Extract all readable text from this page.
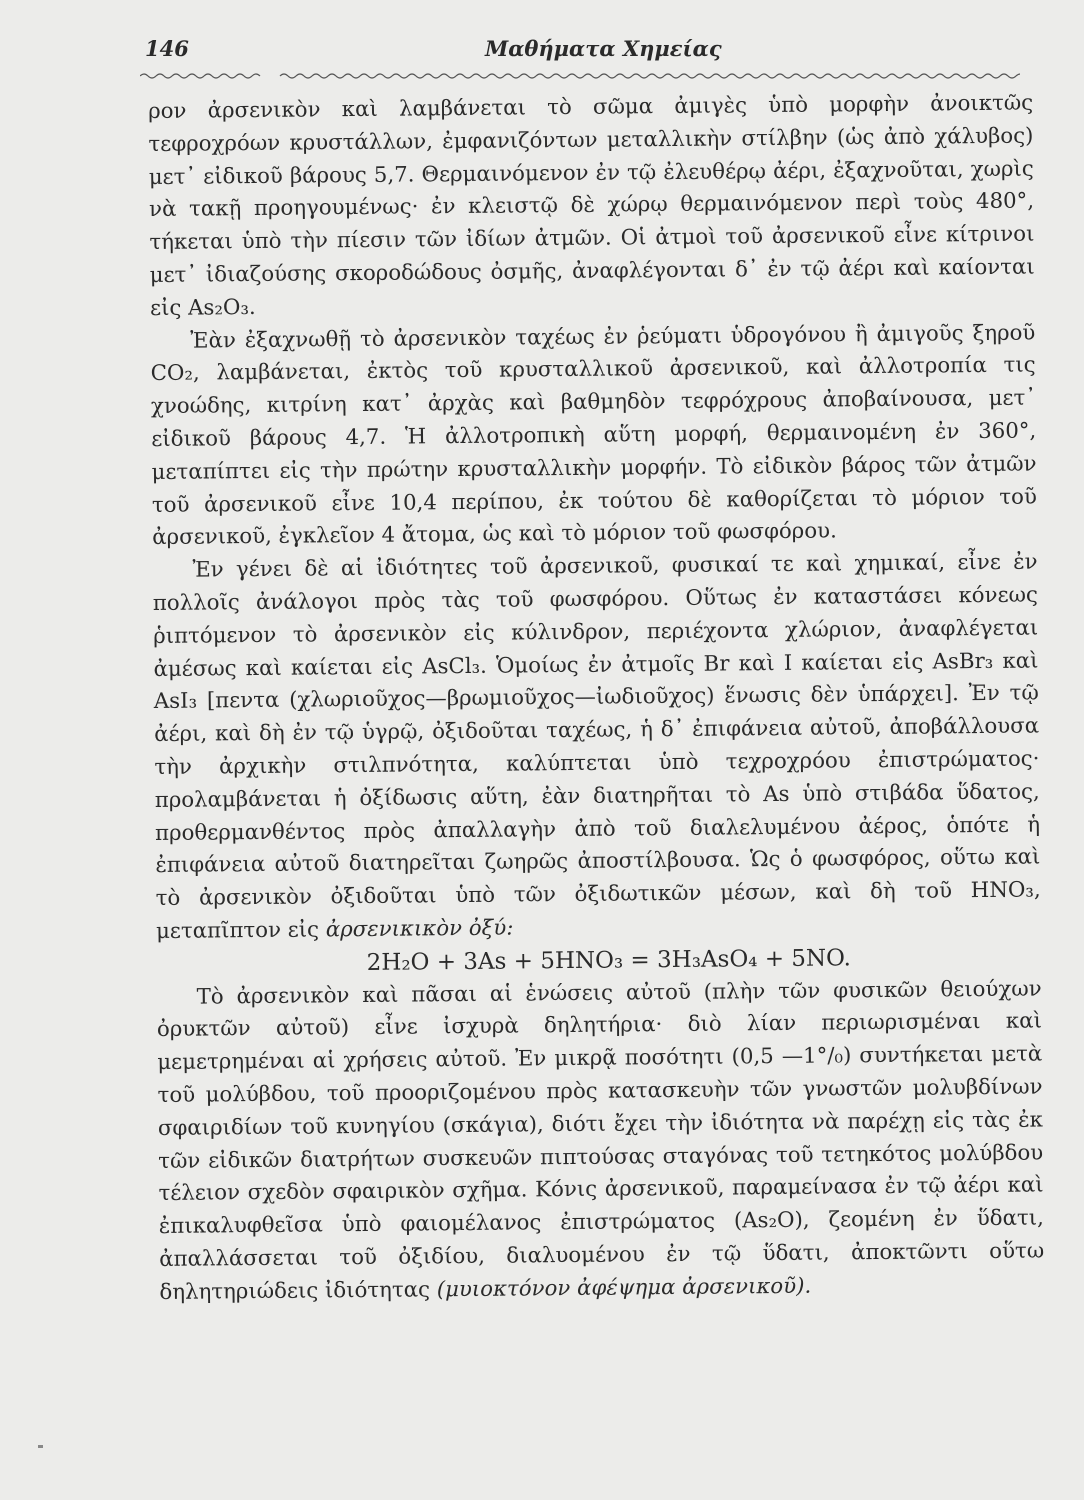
146	Μαθήματα Χημείας

ρον ἀρσενικὸν καὶ λαμβάνεται τὸ σῶμα ἀμιγὲς ὑπὸ μορφὴν ἀνοικτῶς τεφροχρόων κρυστάλλων, ἐμφανιζόντων μεταλλικὴν στίλβην (ὡς ἀπὸ χάλυβος) μετ᾽ εἰδικοῦ βάρους 5,7. Θερμαινόμενον ἐν τῷ ἐλευθέρῳ ἀέρι, ἐξαχνοῦται, χωρὶς νὰ τακῇ προηγουμένως· ἐν κλειστῷ δὲ χώρῳ θερμαινόμενον περὶ τοὺς 480°, τήκεται ὑπὸ τὴν πίεσιν τῶν ἰδίων ἀτμῶν. Οἱ ἀτμοὶ τοῦ ἀρσενικοῦ εἶνε κίτρινοι μετ᾽ ἰδιαζούσης σκοροδώδους ὀσμῆς, ἀναφλέγονται δ᾽ ἐν τῷ ἀέρι καὶ καίονται εἰς As₂O₃.

Ἐὰν ἐξαχνωθῇ τὸ ἀρσενικὸν ταχέως ἐν ῥεύματι ὑδρογόνου ἢ ἀμιγοῦς ξηροῦ CO₂, λαμβάνεται, ἐκτὸς τοῦ κρυσταλλικοῦ ἀρσενικοῦ, καὶ ἀλλοτροπία τις χνοώδης, κιτρίνη κατ᾽ ἀρχὰς καὶ βαθμηδὸν τεφρόχρους ἀποβαίνουσα, μετ᾽ εἰδικοῦ βάρους 4,7. Ἡ ἀλλοτροπικὴ αὕτη μορφή, θερμαινομένη ἐν 360°, μεταπίπτει εἰς τὴν πρώτην κρυσταλλικὴν μορφήν. Τὸ εἰδικὸν βάρος τῶν ἀτμῶν τοῦ ἀρσενικοῦ εἶνε 10,4 περίπου, ἐκ τούτου δὲ καθορίζεται τὸ μόριον τοῦ ἀρσενικοῦ, ἐγκλεῖον 4 ἄτομα, ὡς καὶ τὸ μόριον τοῦ φωσφόρου.

Ἐν γένει δὲ αἱ ἰδιότητες τοῦ ἀρσενικοῦ, φυσικαί τε καὶ χημικαί, εἶνε ἐν πολλοῖς ἀνάλογοι πρὸς τὰς τοῦ φωσφόρου. Οὕτως ἐν καταστάσει κόνεως ῥιπτόμενον τὸ ἀρσενικὸν εἰς κύλινδρον, περιέχοντα χλώριον, ἀναφλέγεται ἀμέσως καὶ καίεται εἰς AsCl₃. Ὁμοίως ἐν ἀτμοῖς Br καὶ I καίεται εἰς AsBr₃ καὶ AsI₃ [πεντα (χλωριοῦχος—βρωμιοῦχος—ἰωδιοῦχος) ἕνωσις δὲν ὑπάρχει]. Ἐν τῷ ἀέρι, καὶ δὴ ἐν τῷ ὑγρῷ, ὀξιδοῦται ταχέως, ἡ δ᾽ ἐπιφάνεια αὐτοῦ, ἀποβάλλουσα τὴν ἀρχικὴν στιλπνότητα, καλύπτεται ὑπὸ τεχροχρόου ἐπιστρώματος· προλαμβάνεται ἡ ὀξίδωσις αὕτη, ἐὰν διατηρῆται τὸ As ὑπὸ στιβάδα ὕδατος, προθερμανθέντος πρὸς ἀπαλλαγὴν ἀπὸ τοῦ διαλελυμένου ἀέρος, ὁπότε ἡ ἐπιφάνεια αὐτοῦ διατηρεῖται ζωηρῶς ἀποστίλβουσα. Ὡς ὁ φωσφόρος, οὕτω καὶ τὸ ἀρσενικὸν ὀξιδοῦται ὑπὸ τῶν ὀξιδωτικῶν μέσων, καὶ δὴ τοῦ HNO₃, μεταπῖπτον εἰς ἀρσενικικὸν ὀξύ:

2H₂O + 3As + 5HNO₃ = 3H₃AsO₄ + 5NO.

Τὸ ἀρσενικὸν καὶ πᾶσαι αἱ ἑνώσεις αὐτοῦ (πλὴν τῶν φυσικῶν θειούχων ὀρυκτῶν αὐτοῦ) εἶνε ἰσχυρὰ δηλητήρια· διὸ λίαν περιωρισμέναι καὶ μεμετρημέναι αἱ χρήσεις αὐτοῦ. Ἐν μικρᾷ ποσότητι (0,5 —1°/₀) συντήκεται μετὰ τοῦ μολύβδου, τοῦ προοριζομένου πρὸς κατασκευὴν τῶν γνωστῶν μολυβδίνων σφαιριδίων τοῦ κυνηγίου (σκάγια), διότι ἔχει τὴν ἰδιότητα νὰ παρέχῃ εἰς τὰς ἐκ τῶν εἰδικῶν διατρήτων συσκευῶν πιπτούσας σταγόνας τοῦ τετηκότος μολύβδου τέλειον σχεδὸν σφαιρικὸν σχῆμα. Κόνις ἀρσενικοῦ, παραμείνασα ἐν τῷ ἀέρι καὶ ἐπικαλυφθεῖσα ὑπὸ φαιομέλανος ἐπιστρώματος (As₂O), ζεομένη ἐν ὕδατι, ἀπαλλάσσεται τοῦ ὀξιδίου, διαλυομένου ἐν τῷ ὕδατι, ἀποκτῶντι οὕτω δηλητηριώδεις ἰδιότητας (μυιοκτόνον ἀφέψημα ἀρσενικοῦ).
